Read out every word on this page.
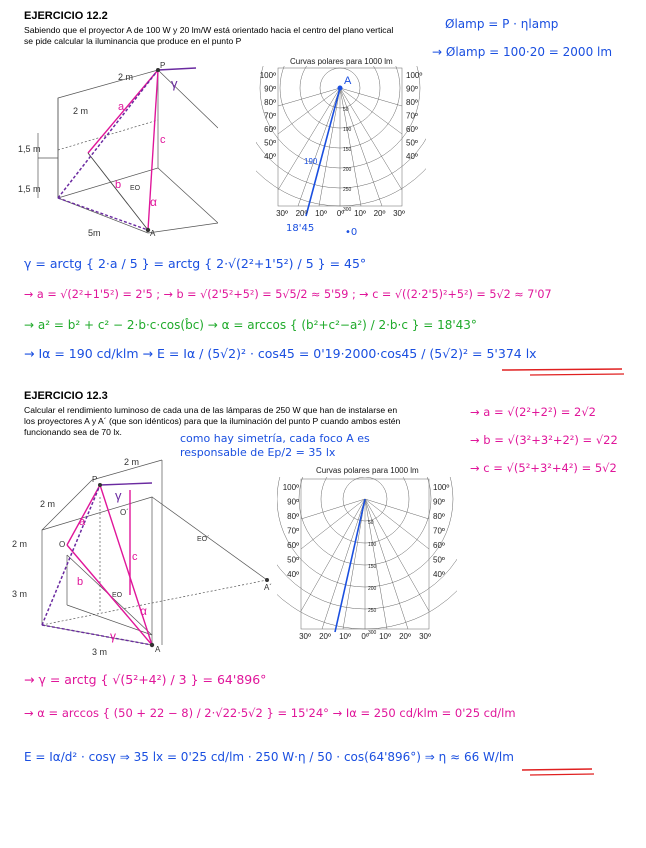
EJERCICIO 12.2
Sabiendo que el proyector A de 100 W y 20 lm/W está orientado hacia el centro del plano vertical
se pide calcular la iluminancia que produce en el punto P
Ølamp = P · ηlamp
→ Ølamp = 100·20 = 2000 lm
2 m
2 m
1,5 m
1,5 m
5m
P
A
EO
a
b
c
γ
α
Curvas polares para 1000 lm
A
190
100º
90º
80º
70º
60º
50º
40º
100º
90º
80º
70º
60º
50º
40º
30º 20º 10º 0º 10º 20º 30º
50
100
150
200
250
300
18'45	•0
γ = arctg { 2·a / 5 } = arctg { 2·√(2²+1'5²) / 5 } = 45°
→ a = √(2²+1'5²) = 2'5 ; → b = √(2'5²+5²) = 5√5/2 ≈ 5'59 ; → c = √((2·2'5)²+5²) = 5√2 ≈ 7'07
→ a² = b² + c² − 2·b·c·cos(b̂c) → α = arccos { (b²+c²−a²) / 2·b·c } = 18'43°
→ Iα = 190 cd/klm → E = Iα / (5√2)² · cos45 = 0'19·2000·cos45 / (5√2)² = 5'374 lx
EJERCICIO 12.3
Calcular el rendimiento luminoso de cada una de las lámparas de 250 W que han de instalarse en
los proyectores A y A´ (que son idénticos) para que la iluminación del punto P cuando ambos estén
funcionando sea de 70 lx.
→ a = √(2²+2²) = 2√2
→ b = √(3²+3²+2²) = √22
→ c = √(5²+3²+4²) = 5√2
como hay simetría, cada foco A es
responsable de Ep/2 = 35 lx
2 m
2 m
2 m
3 m
3 m
P
O
O´
EO
EO´
A
A´
a
b
c
γ
α
γ
Curvas polares para 1000 lm
100º
90º
80º
70º
60º
50º
40º
100º
90º
80º
70º
60º
50º
40º
30º 20º 10º 0º 10º 20º 30º
50
100
150
200
250
300
→ γ = arctg { √(5²+4²) / 3 } = 64'896°
→ α = arccos { (50 + 22 − 8) / 2·√22·5√2 } = 15'24° → Iα = 250 cd/klm = 0'25 cd/lm
E = Iα/d² · cosγ ⇒ 35 lx = 0'25 cd/lm · 250 W·η / 50 · cos(64'896°) ⇒ η ≈ 66 W/lm
